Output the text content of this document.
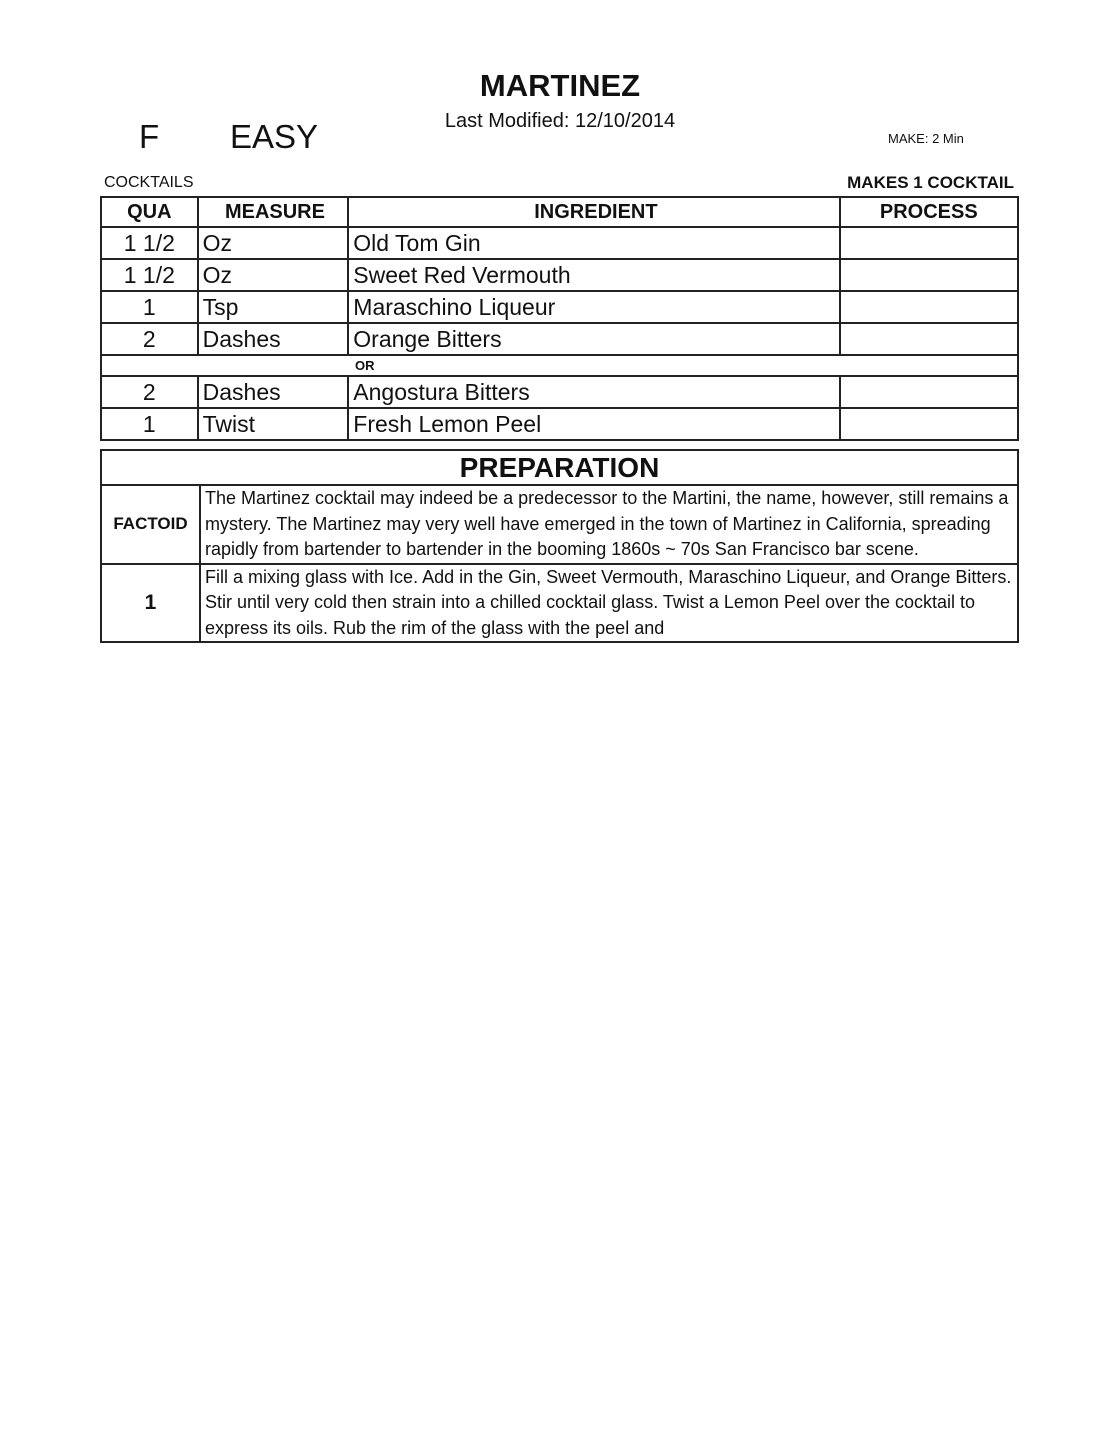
MARTINEZ
Last Modified: 12/10/2014
F EASY	MAKE: 2 Min
COCKTAILS	MAKES 1 COCKTAIL
QUA	MEASURE	INGREDIENT	PROCESS
1 1/2	Oz	Old Tom Gin	
1 1/2	Oz	Sweet Red Vermouth	
1	Tsp	Maraschino Liqueur	
2	Dashes	Orange Bitters	
OR			
2	Dashes	Angostura Bitters	
1	Twist	Fresh Lemon Peel	
PREPARATION	
FACTOID	The Martinez cocktail may indeed be a predecessor to the Martini, the name, however, still remains a mystery. The Martinez may very well have emerged in the town of Martinez in California, spreading rapidly from bartender to bartender in the booming 1860s ~ 70s San Francisco bar scene.
1	Fill a mixing glass with Ice. Add in the Gin, Sweet Vermouth, Maraschino Liqueur, and Orange Bitters. Stir until very cold then strain into a chilled cocktail glass. Twist a Lemon Peel over the cocktail to express its oils. Rub the rim of the glass with the peel and
